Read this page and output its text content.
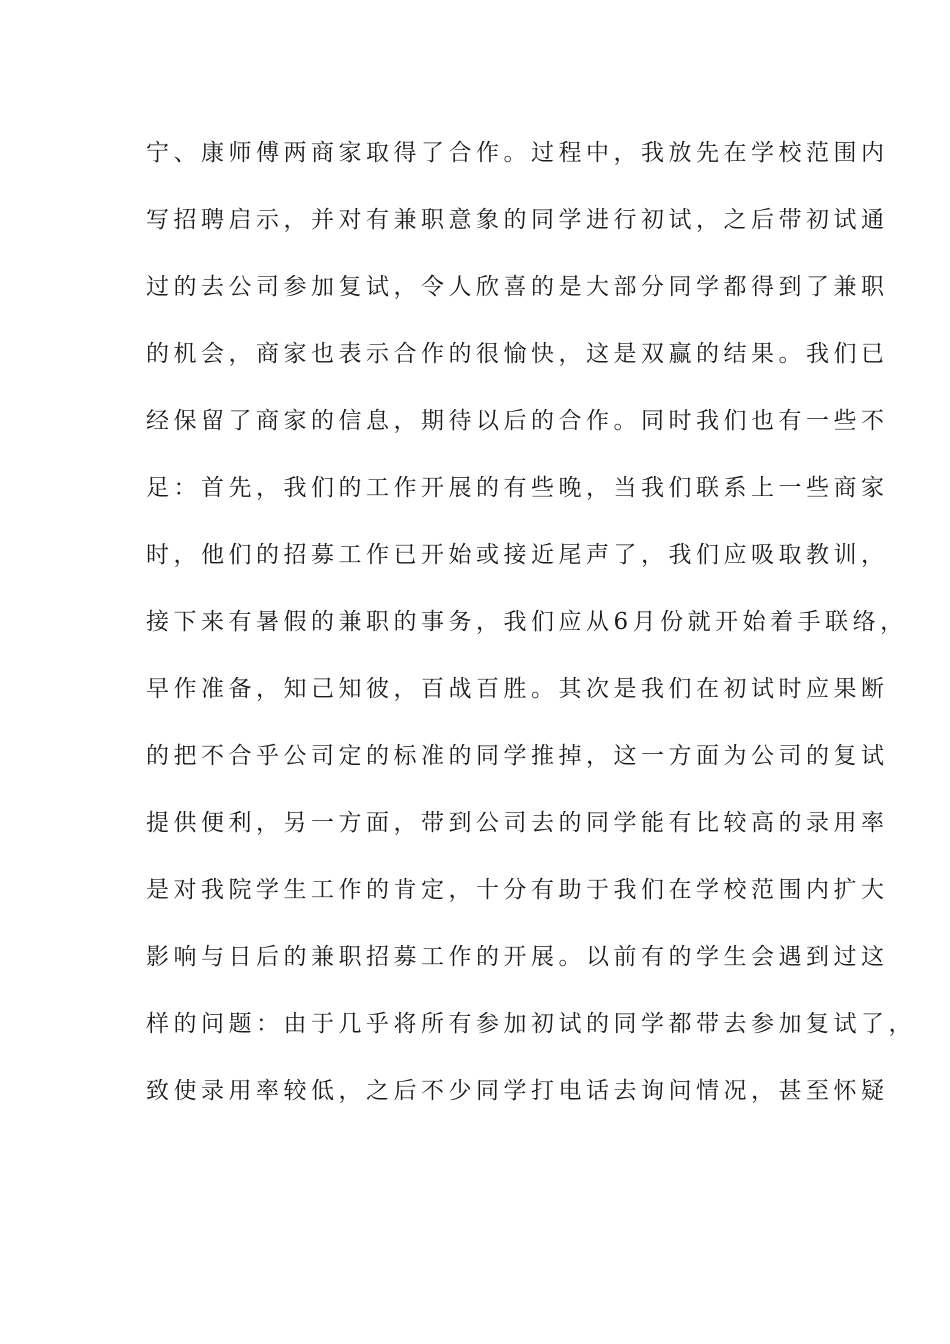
宁、康师傅两商家取得了合作。过程中，我放先在学校范围内
写招聘启示，并对有兼职意象的同学进行初试，之后带初试通
过的去公司参加复试，令人欣喜的是大部分同学都得到了兼职
的机会，商家也表示合作的很愉快，这是双赢的结果。我们已
经保留了商家的信息，期待以后的合作。同时我们也有一些不
足：首先，我们的工作开展的有些晚，当我们联系上一些商家
时，他们的招募工作已开始或接近尾声了，我们应吸取教训，
接下来有暑假的兼职的事务，我们应从6月份就开始着手联络，
早作准备，知己知彼，百战百胜。其次是我们在初试时应果断
的把不合乎公司定的标准的同学推掉，这一方面为公司的复试
提供便利，另一方面，带到公司去的同学能有比较高的录用率
是对我院学生工作的肯定，十分有助于我们在学校范围内扩大
影响与日后的兼职招募工作的开展。以前有的学生会遇到过这
样的问题：由于几乎将所有参加初试的同学都带去参加复试了，
致使录用率较低，之后不少同学打电话去询问情况，甚至怀疑
